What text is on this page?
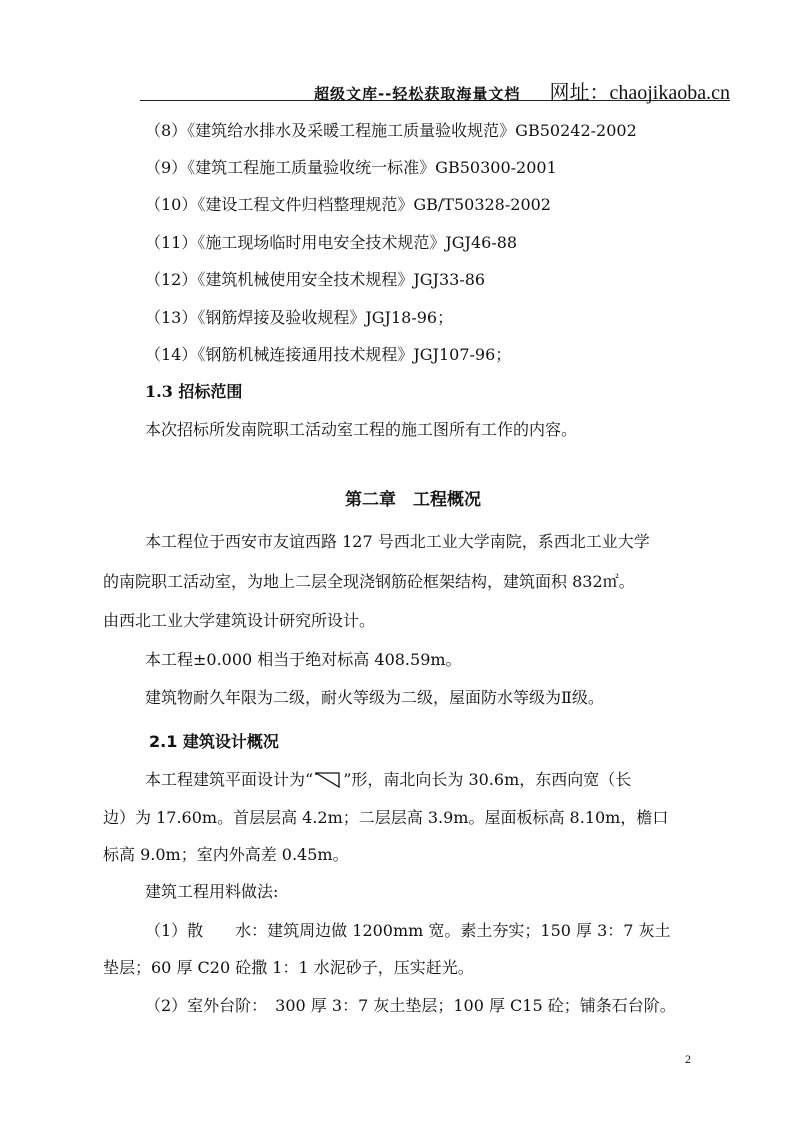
超级文库--轻松获取海量文档 网址：chaojikaoba.cn
（8）《建筑给水排水及采暖工程施工质量验收规范》GB50242-2002
（9）《建筑工程施工质量验收统一标准》GB50300-2001
（10）《建设工程文件归档整理规范》GB/T50328-2002
（11）《施工现场临时用电安全技术规范》JGJ46-88
（12）《建筑机械使用安全技术规程》JGJ33-86
（13）《钢筋焊接及验收规程》JGJ18-96；
（14）《钢筋机械连接通用技术规程》JGJ107-96；
1.3 招标范围
本次招标所发南院职工活动室工程的施工图所有工作的内容。
第二章　工程概况
本工程位于西安市友谊西路 127 号西北工业大学南院，系西北工业大学
的南院职工活动室，为地上二层全现浇钢筋砼框架结构，建筑面积 832㎡。
由西北工业大学建筑设计研究所设计。
本工程±0.000 相当于绝对标高 408.59m。
建筑物耐久年限为二级，耐火等级为二级，屋面防水等级为Ⅱ级。
2.1 建筑设计概况
本工程建筑平面设计为“ ”形，南北向长为 30.6m，东西向宽（长
边）为 17.60m。首层层高 4.2m；二层层高 3.9m。屋面板标高 8.10m，檐口
标高 9.0m；室内外高差 0.45m。
建筑工程用料做法:
（1）散　　水：建筑周边做 1200mm 宽。素土夯实；150 厚 3：7 灰土
垫层；60 厚 C20 砼撒 1：1 水泥砂子，压实赶光。
（2）室外台阶：　300 厚 3：7 灰土垫层；100 厚 C15 砼；铺条石台阶。
2
